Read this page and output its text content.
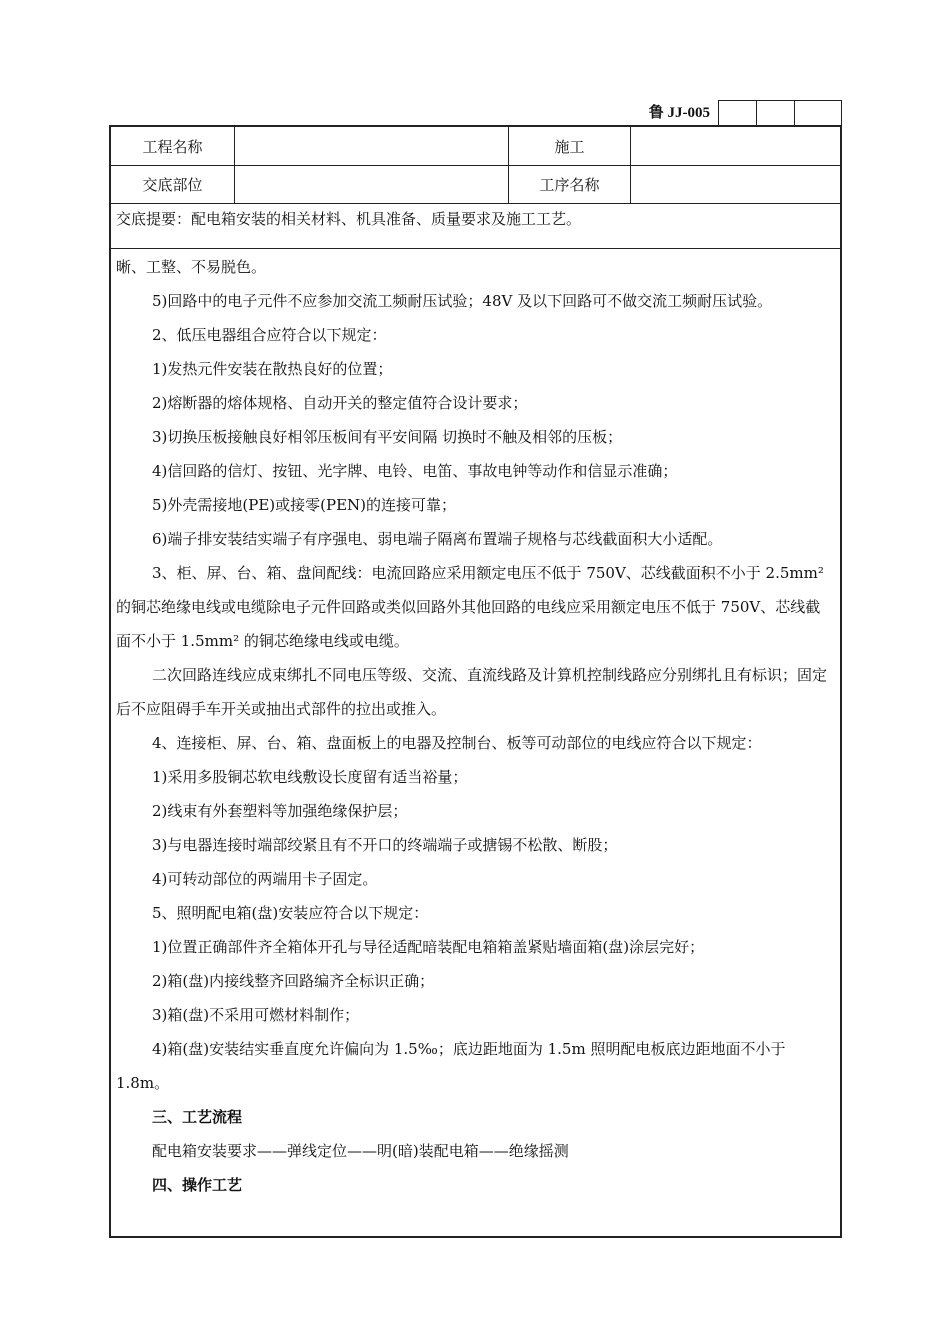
鲁 JJ-005
工程名称	施工
交底部位	工序名称
交底提要：配电箱安装的相关材料、机具准备、质量要求及施工工艺。

晰、工整、不易脱色。

5)回路中的电子元件不应参加交流工频耐压试验；48V 及以下回路可不做交流工频耐压试验。

2、低压电器组合应符合以下规定：

1)发热元件安装在散热良好的位置；

2)熔断器的熔体规格、自动开关的整定值符合设计要求；

3)切换压板接触良好相邻压板间有平安间隔 切换时不触及相邻的压板；

4)信回路的信灯、按钮、光字牌、电铃、电笛、事故电钟等动作和信显示准确；

5)外壳需接地(PE)或接零(PEN)的连接可靠；

6)端子排安装结实端子有序强电、弱电端子隔离布置端子规格与芯线截面积大小适配。

3、柜、屏、台、箱、盘间配线：电流回路应采用额定电压不低于 750V、芯线截面积不小于 2.5mm² 的铜芯绝缘电线或电缆除电子元件回路或类似回路外其他回路的电线应采用额定电压不低于 750V、芯线截面不小于 1.5mm² 的铜芯绝缘电线或电缆。

二次回路连线应成束绑扎不同电压等级、交流、直流线路及计算机控制线路应分别绑扎且有标识；固定后不应阻碍手车开关或抽出式部件的拉出或推入。

4、连接柜、屏、台、箱、盘面板上的电器及控制台、板等可动部位的电线应符合以下规定：

1)采用多股铜芯软电线敷设长度留有适当裕量；

2)线束有外套塑料等加强绝缘保护层；

3)与电器连接时端部绞紧且有不开口的终端端子或搪锡不松散、断股；

4)可转动部位的两端用卡子固定。

5、照明配电箱(盘)安装应符合以下规定：

1)位置正确部件齐全箱体开孔与导径适配暗装配电箱箱盖紧贴墙面箱(盘)涂层完好；

2)箱(盘)内接线整齐回路编齐全标识正确；

3)箱(盘)不采用可燃材料制作；

4)箱(盘)安装结实垂直度允许偏向为 1.5‰；底边距地面为 1.5m 照明配电板底边距地面不小于 1.8m。

三、工艺流程

配电箱安装要求——弹线定位——明(暗)装配电箱——绝缘摇测

四、操作工艺
